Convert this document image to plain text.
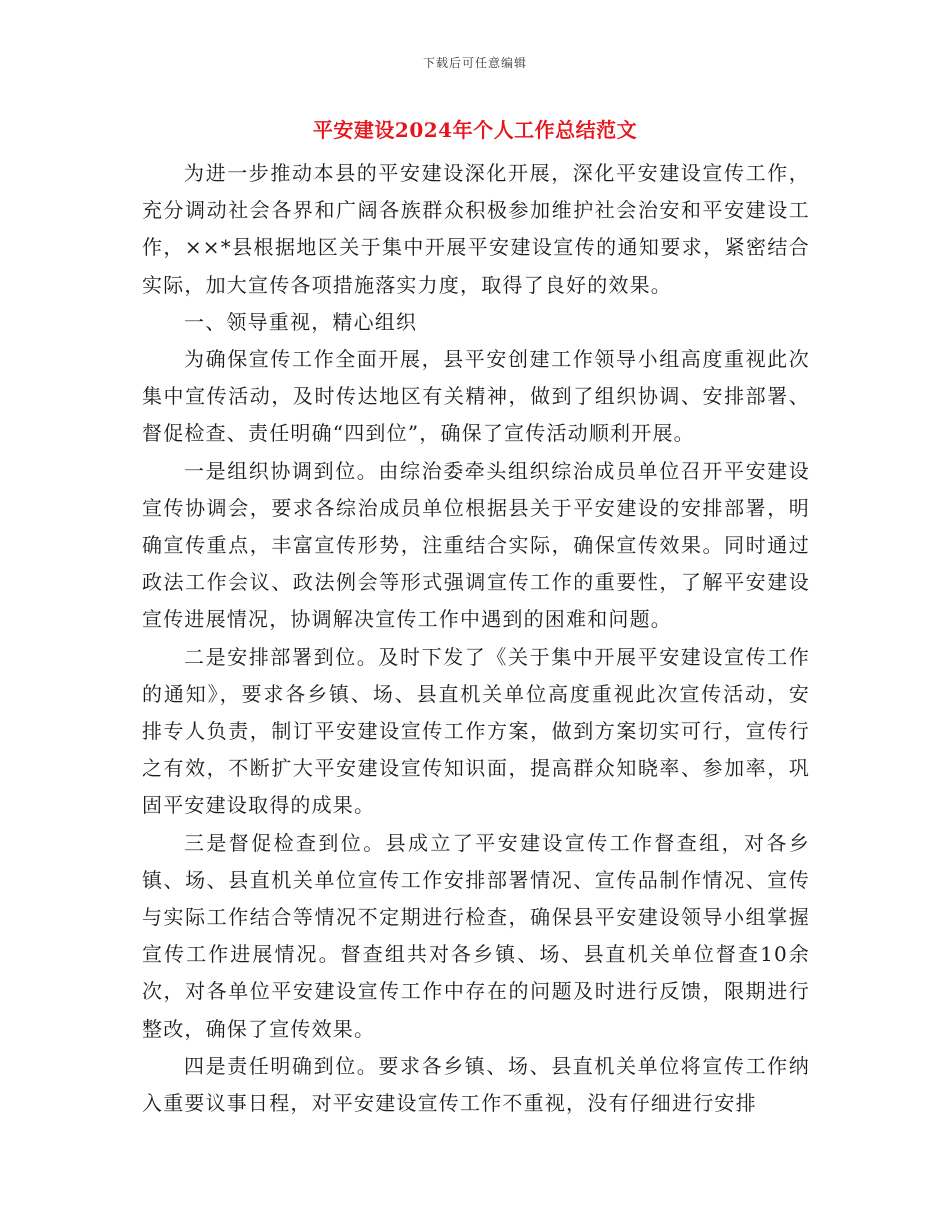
下载后可任意编辑
平安建设2024年个人工作总结范文

为进一步推动本县的平安建设深化开展，深化平安建设宣传工作，充分调动社会各界和广阔各族群众积极参加维护社会治安和平安建设工作，××*县根据地区关于集中开展平安建设宣传的通知要求，紧密结合实际，加大宣传各项措施落实力度，取得了良好的效果。

一、领导重视，精心组织

为确保宣传工作全面开展，县平安创建工作领导小组高度重视此次集中宣传活动，及时传达地区有关精神，做到了组织协调、安排部署、督促检查、责任明确“四到位”，确保了宣传活动顺利开展。

一是组织协调到位。由综治委牵头组织综治成员单位召开平安建设宣传协调会，要求各综治成员单位根据县关于平安建设的安排部署，明确宣传重点，丰富宣传形势，注重结合实际，确保宣传效果。同时通过政法工作会议、政法例会等形式强调宣传工作的重要性，了解平安建设宣传进展情况，协调解决宣传工作中遇到的困难和问题。

二是安排部署到位。及时下发了《关于集中开展平安建设宣传工作的通知》，要求各乡镇、场、县直机关单位高度重视此次宣传活动，安排专人负责，制订平安建设宣传工作方案，做到方案切实可行，宣传行之有效，不断扩大平安建设宣传知识面，提高群众知晓率、参加率，巩固平安建设取得的成果。

三是督促检查到位。县成立了平安建设宣传工作督查组，对各乡镇、场、县直机关单位宣传工作安排部署情况、宣传品制作情况、宣传与实际工作结合等情况不定期进行检查，确保县平安建设领导小组掌握宣传工作进展情况。督查组共对各乡镇、场、县直机关单位督查10余次，对各单位平安建设宣传工作中存在的问题及时进行反馈，限期进行整改，确保了宣传效果。

四是责任明确到位。要求各乡镇、场、县直机关单位将宣传工作纳入重要议事日程，对平安建设宣传工作不重视，没有仔细进行安排
